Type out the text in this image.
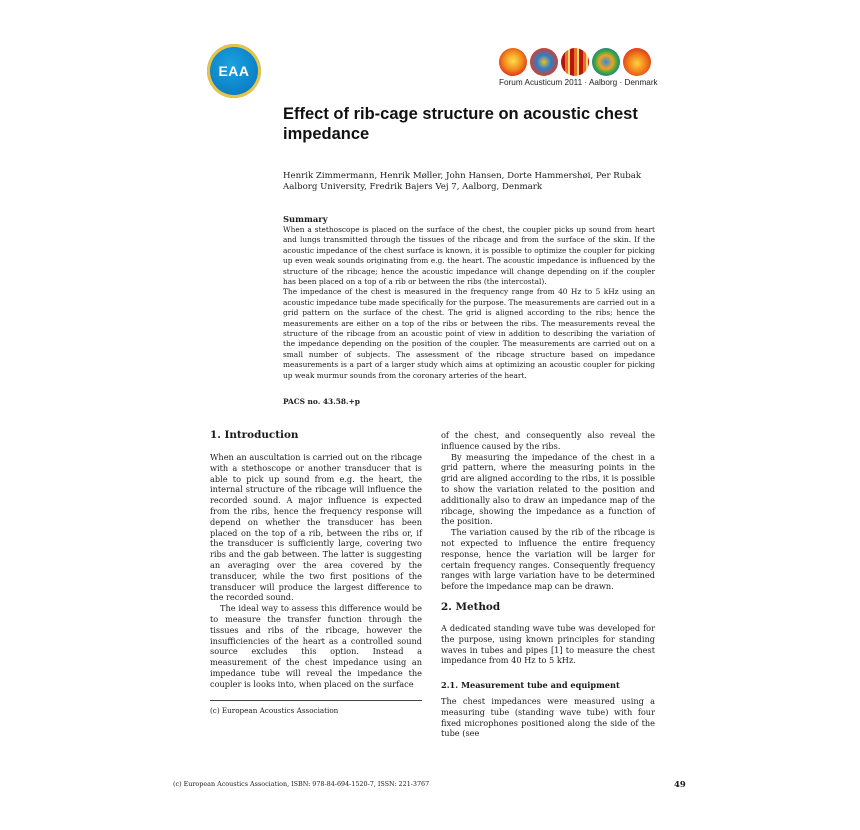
EAA
Forum Acusticum 2011 · Aalborg · Denmark
Effect of rib-cage structure on acoustic chest impedance
Henrik Zimmermann, Henrik Møller, John Hansen, Dorte Hammershøi, Per Rubak
Aalborg University, Fredrik Bajers Vej 7, Aalborg, Denmark
Summary

When a stethoscope is placed on the surface of the chest, the coupler picks up sound from heart and lungs transmitted through the tissues of the ribcage and from the surface of the skin. If the acoustic impedance of the chest surface is known, it is possible to optimize the coupler for picking up even weak sounds originating from e.g. the heart. The acoustic impedance is influenced by the structure of the ribcage; hence the acoustic impedance will change depending on if the coupler has been placed on a top of a rib or between the ribs (the intercostal).

The impedance of the chest is measured in the frequency range from 40 Hz to 5 kHz using an acoustic impedance tube made specifically for the purpose. The measurements are carried out in a grid pattern on the surface of the chest. The grid is aligned according to the ribs; hence the measurements are either on a top of the ribs or between the ribs. The measurements reveal the structure of the ribcage from an acoustic point of view in addition to describing the variation of the impedance depending on the position of the coupler. The measurements are carried out on a small number of subjects. The assessment of the ribcage structure based on impedance measurements is a part of a larger study which aims at optimizing an acoustic coupler for picking up weak murmur sounds from the coronary arteries of the heart.

PACS no. 43.58.+p
1. Introduction

When an auscultation is carried out on the ribcage with a stethoscope or another transducer that is able to pick up sound from e.g. the heart, the internal structure of the ribcage will influence the recorded sound. A major influence is expected from the ribs, hence the frequency response will depend on whether the transducer has been placed on the top of a rib, between the ribs or, if the transducer is sufficiently large, covering two ribs and the gab between. The latter is suggesting an averaging over the area covered by the transducer, while the two first positions of the transducer will produce the largest difference to the recorded sound.

The ideal way to assess this difference would be to measure the transfer function through the tissues and ribs of the ribcage, however the insufficiencies of the heart as a controlled sound source excludes this option. Instead a measurement of the chest impedance using an impedance tube will reveal the impedance the coupler is looks into, when placed on the surface

(c) European Acoustics Association

of the chest, and consequently also reveal the influence caused by the ribs.

By measuring the impedance of the chest in a grid pattern, where the measuring points in the grid are aligned according to the ribs, it is possible to show the variation related to the position and additionally also to draw an impedance map of the ribcage, showing the impedance as a function of the position.

The variation caused by the rib of the ribcage is not expected to influence the entire frequency response, hence the variation will be larger for certain frequency ranges. Consequently frequency ranges with large variation have to be determined before the impedance map can be drawn.

2. Method
A dedicated standing wave tube was developed for the purpose, using known principles for standing waves in tubes and pipes [1] to measure the chest impedance from 40 Hz to 5 kHz.
2.1. Measurement tube and equipment
The chest impedances were measured using a measuring tube (standing wave tube) with four fixed microphones positioned along the side of the tube (see
(c) European Acoustics Association, ISBN: 978-84-694-1520-7, ISSN: 221-3767	49
